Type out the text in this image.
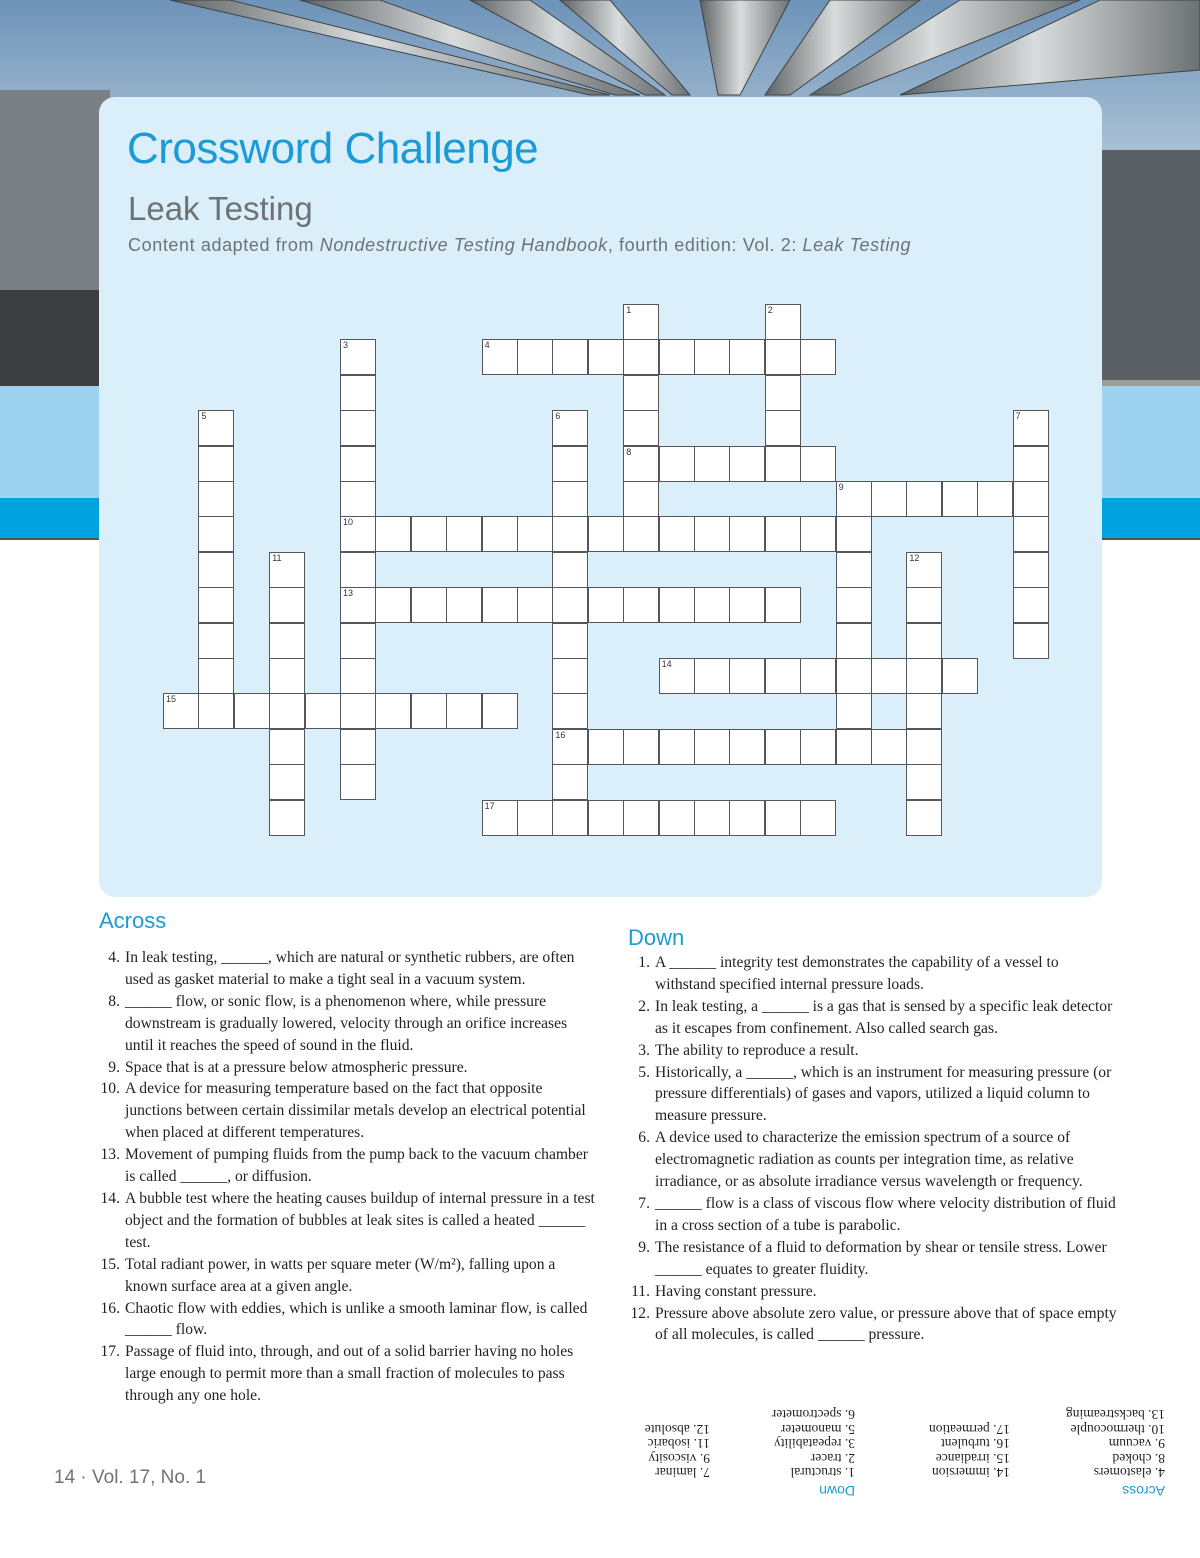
Crossword Challenge
Leak Testing
Content adapted from Nondestructive Testing Handbook, fourth edition: Vol. 2: Leak Testing
1
8
2
3
10
13
4
5	6
16
7
9
11	12
14
15
17
Across
4. In leak testing, ______, which are natural or synthetic rubbers, are often used as gasket material to make a tight seal in a vacuum system.
8. ______ flow, or sonic flow, is a phenomenon where, while pressure downstream is gradually lowered, velocity through an orifice increases until it reaches the speed of sound in the fluid.
9. Space that is at a pressure below atmospheric pressure.
10. A device for measuring temperature based on the fact that opposite junctions between certain dissimilar metals develop an electrical potential when placed at different temperatures.
13. Movement of pumping fluids from the pump back to the vacuum chamber is called ______, or diffusion.
14. A bubble test where the heating causes buildup of internal pressure in a test object and the formation of bubbles at leak sites is called a heated ______ test.
15. Total radiant power, in watts per square meter (W/m²), falling upon a known surface area at a given angle.
16. Chaotic flow with eddies, which is unlike a smooth laminar flow, is called ______ flow.
17. Passage of fluid into, through, and out of a solid barrier having no holes large enough to permit more than a small fraction of molecules to pass through any one hole.
Down
1. A ______ integrity test demonstrates the capability of a vessel to withstand specified internal pressure loads.
2. In leak testing, a ______ is a gas that is sensed by a specific leak detector as it escapes from confinement. Also called search gas.
3. The ability to reproduce a result.
5. Historically, a ______, which is an instrument for measuring pressure (or pressure differentials) of gases and vapors, utilized a liquid column to measure pressure.
6. A device used to characterize the emission spectrum of a source of electromagnetic radiation as counts per integration time, as relative irradiance, or as absolute irradiance versus wavelength or frequency.
7. ______ flow is a class of viscous flow where velocity distribution of fluid in a cross section of a tube is parabolic.
9. The resistance of a fluid to deformation by shear or tensile stress. Lower ______ equates to greater fluidity.
11. Having constant pressure.
12. Pressure above absolute zero value, or pressure above that of space empty of all molecules, is called ______ pressure.
Across
4. elastomers
8. choked
9. vacuum
10. thermocouple
13. backstreaming
14. immersion
15. irradiance
16. turbulent
17. permeation
Down
1. structural
2. tracer
3. repeatability
5. manometer
6. spectrometer
7. laminar
9. viscosity
11. isobaric
12. absolute
14 · Vol. 17, No. 1
